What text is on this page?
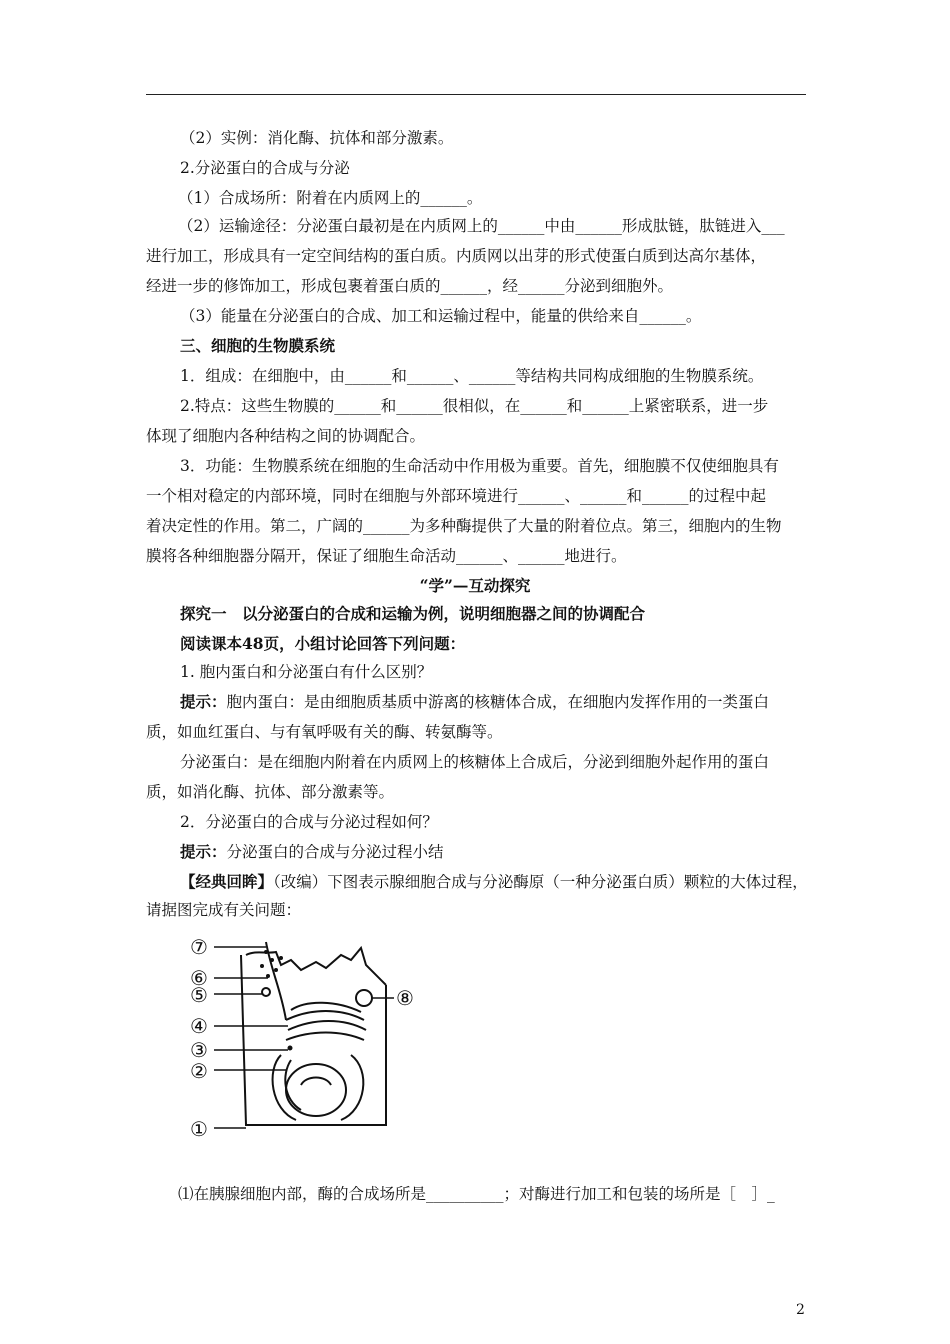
（2）实例：消化酶、抗体和部分激素。
2.分泌蛋白的合成与分泌
（1）合成场所：附着在内质网上的______。
（2）运输途径：分泌蛋白最初是在内质网上的______中由______形成肽链，肽链进入___
进行加工，形成具有一定空间结构的蛋白质。内质网以出芽的形式使蛋白质到达高尔基体，
经进一步的修饰加工，形成包裹着蛋白质的______，经______分泌到细胞外。
（3）能量在分泌蛋白的合成、加工和运输过程中，能量的供给来自______。
三、细胞的生物膜系统
1．组成：在细胞中，由______和______、______等结构共同构成细胞的生物膜系统。
2.特点：这些生物膜的______和______很相似，在______和______上紧密联系，进一步
体现了细胞内各种结构之间的协调配合。
3．功能：生物膜系统在细胞的生命活动中作用极为重要。首先，细胞膜不仅使细胞具有
一个相对稳定的内部环境，同时在细胞与外部环境进行______、______和______的过程中起
着决定性的作用。第二，广阔的______为多种酶提供了大量的附着位点。第三，细胞内的生物
膜将各种细胞器分隔开，保证了细胞生命活动______、______地进行。
“学”—互动探究
探究一　以分泌蛋白的合成和运输为例，说明细胞器之间的协调配合
阅读课本48页，小组讨论回答下列问题：
1. 胞内蛋白和分泌蛋白有什么区别？
提示：胞内蛋白：是由细胞质基质中游离的核糖体合成，在细胞内发挥作用的一类蛋白
质，如血红蛋白、与有氧呼吸有关的酶、转氨酶等。
分泌蛋白：是在细胞内附着在内质网上的核糖体上合成后，分泌到细胞外起作用的蛋白
质，如消化酶、抗体、部分激素等。
2．分泌蛋白的合成与分泌过程如何？
提示：分泌蛋白的合成与分泌过程小结
【经典回眸】（改编）下图表示腺细胞合成与分泌酶原（一种分泌蛋白质）颗粒的大体过程，
请据图完成有关问题：
⑦
⑥
⑤
④
③
②
①
⑧
⑴在胰腺细胞内部，酶的合成场所是__________；对酶进行加工和包装的场所是［　］_
2
